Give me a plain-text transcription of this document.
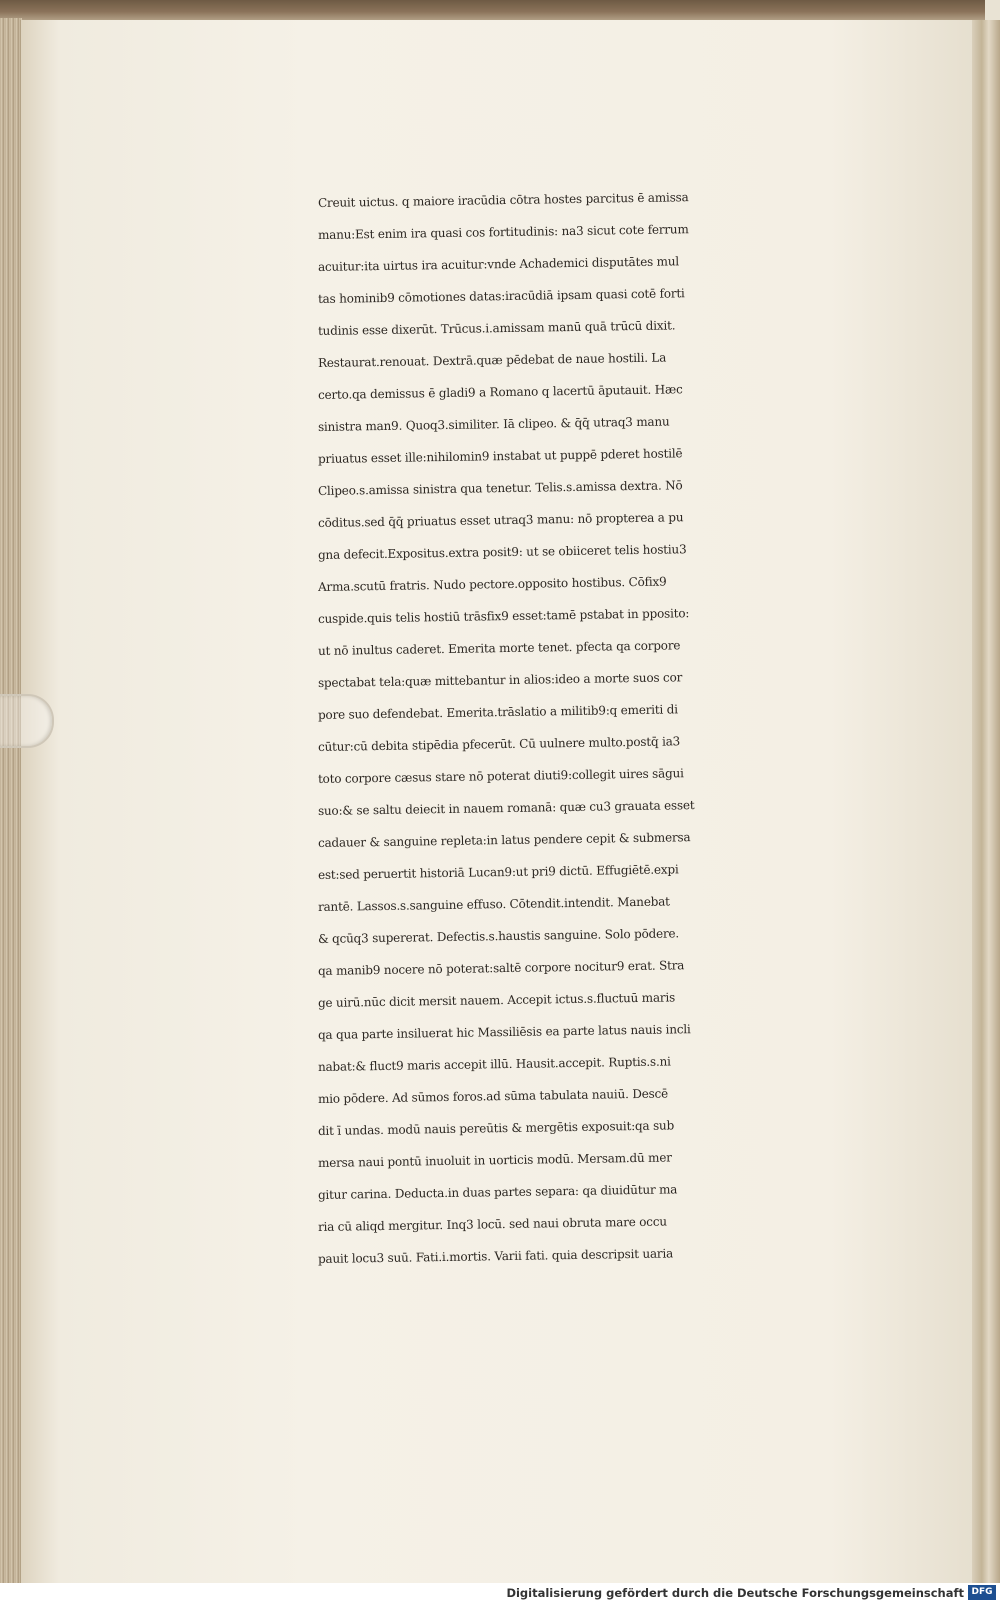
Creuit uictus. q maiore iracūdia cōtra hostes parcitus ē amissa
manu:Est enim ira quasi cos fortitudinis: na3 sicut cote ferrum
acuitur:ita uirtus ira acuitur:vnde Achademici disputātes mul
tas hominib9 cōmotiones datas:iracūdiā ipsam quasi cotē forti
tudinis esse dixerūt. Trūcus.i.amissam manū quā trūcū dixit.
Restaurat.renouat. Dextrā.quæ pēdebat de naue hostili. La
certo.qa demissus ē gladi9 a Romano q lacertū āputauit. Hæc
sinistra man9. Quoq3.similiter. Iā clipeo. & q̄q̄ utraq3 manu
priuatus esset ille:nihilomin9 instabat ut puppē pderet hostilē
Clipeo.s.amissa sinistra qua tenetur. Telis.s.amissa dextra. Nō
cōditus.sed q̄q̄ priuatus esset utraq3 manu: nō propterea a pu
gna defecit.Expositus.extra posit9: ut se obiiceret telis hostiu3
Arma.scutū fratris. Nudo pectore.opposito hostibus. Cōfix9
cuspide.quis telis hostiū trāsfix9 esset:tamē pstabat in pposito:
ut nō inultus caderet. Emerita morte tenet. pfecta qa corpore
spectabat tela:quæ mittebantur in alios:ideo a morte suos cor
pore suo defendebat. Emerita.trāslatio a militib9:q emeriti di
cūtur:cū debita stipēdia pfecerūt. Cū uulnere multo.postq̄ ia3
toto corpore cæsus stare nō poterat diuti9:collegit uires sāgui
suo:& se saltu deiecit in nauem romanā: quæ cu3 grauata esset
cadauer & sanguine repleta:in latus pendere cepit & submersa
est:sed peruertit historiā Lucan9:ut pri9 dictū. Effugiētē.expi
rantē. Lassos.s.sanguine effuso. Cōtendit.intendit. Manebat
& qcūq3 supererat. Defectis.s.haustis sanguine. Solo pōdere.
qa manib9 nocere nō poterat:saltē corpore nocitur9 erat. Stra
ge uirū.nūc dicit mersit nauem. Accepit ictus.s.fluctuū maris
qa qua parte insiluerat hic Massiliēsis ea parte latus nauis incli
nabat:& fluct9 maris accepit illū. Hausit.accepit. Ruptis.s.ni
mio pōdere. Ad sūmos foros.ad sūma tabulata nauiū. Descē
dit ī undas. modū nauis pereūtis & mergētis exposuit:qa sub
mersa naui pontū inuoluit in uorticis modū. Mersam.dū mer
gitur carina. Deducta.in duas partes separa: qa diuidūtur ma
ria cū aliqd mergitur. Inq3 locū. sed naui obruta mare occu
pauit locu3 suū. Fati.i.mortis. Varii fati. quia descripsit uaria
Digitalisierung gefördert durch die Deutsche Forschungsgemeinschaft DFG
